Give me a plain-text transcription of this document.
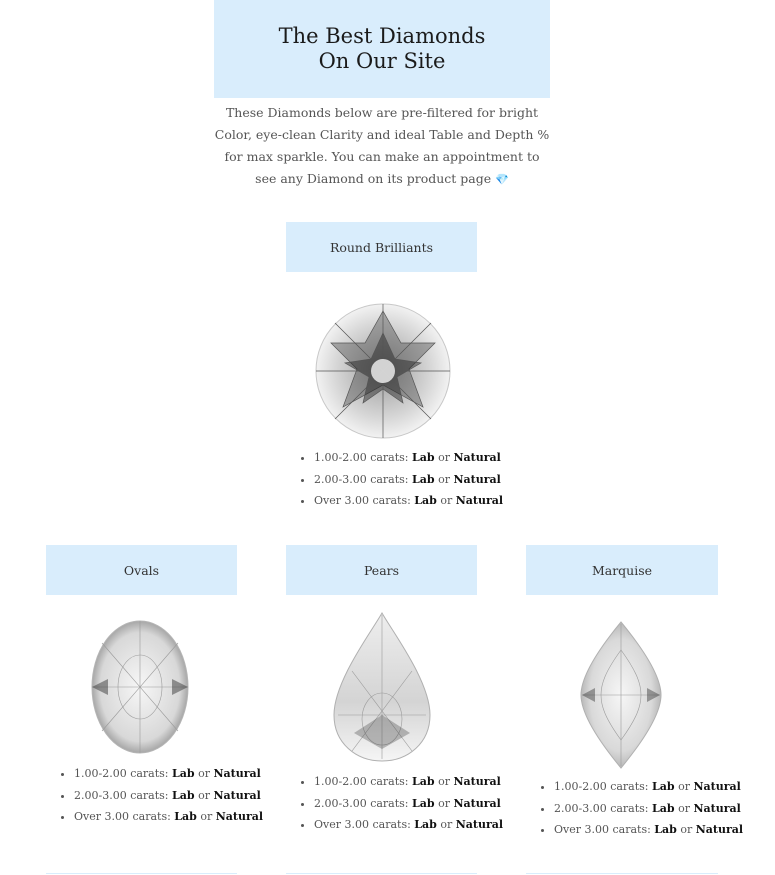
The Best Diamonds On Our Site
These Diamonds below are pre-filtered for bright Color, eye-clean Clarity and ideal Table and Depth % for max sparkle. You can make an appointment to see any Diamond on its product page 💎
Round Brilliants
• 1.00-2.00 carats: Lab or Natural
• 2.00-3.00 carats: Lab or Natural
• Over 3.00 carats: Lab or Natural
Ovals
• 1.00-2.00 carats: Lab or Natural
• 2.00-3.00 carats: Lab or Natural
• Over 3.00 carats: Lab or Natural
Pears
• 1.00-2.00 carats: Lab or Natural
• 2.00-3.00 carats: Lab or Natural
• Over 3.00 carats: Lab or Natural
Marquise
• 1.00-2.00 carats: Lab or Natural
• 2.00-3.00 carats: Lab or Natural
• Over 3.00 carats: Lab or Natural
